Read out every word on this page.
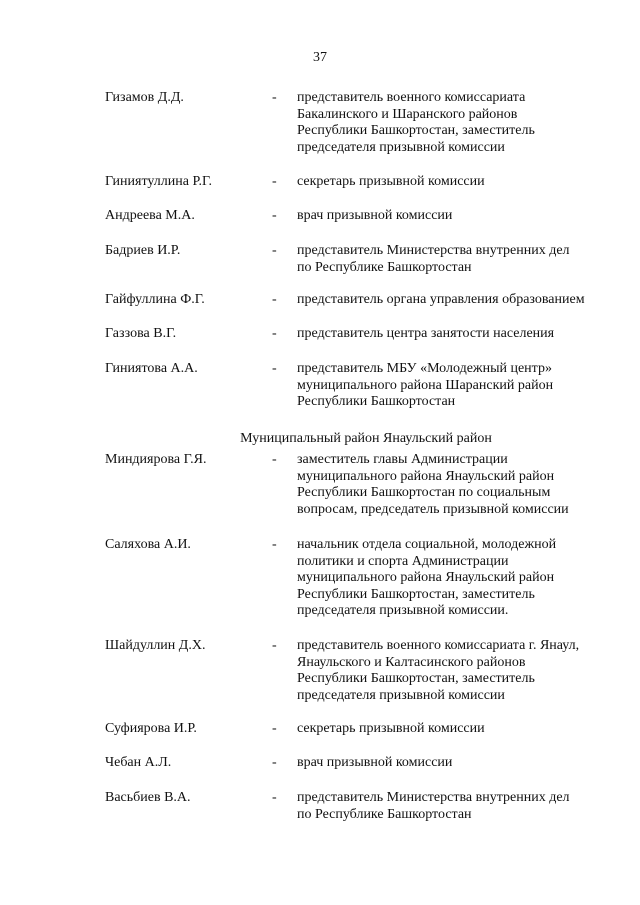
37
Гизамов Д.Д.	- представитель военного комиссариата
Бакалинского и Шаранского районов
Республики Башкортостан, заместитель
председателя призывной комиссии
Гиниятуллина Р.Г.	- секретарь призывной комиссии
Андреева М.А.	- врач призывной комиссии
Бадриев И.Р.	- представитель Министерства внутренних дел
по Республике Башкортостан
Гайфуллина Ф.Г.	- представитель органа управления образованием
Газзова В.Г.	- представитель центра занятости населения
Гиниятова А.А.	- представитель МБУ «Молодежный центр»
муниципального района Шаранский район
Республики Башкортостан
Муниципальный район Янаульский район
Миндиярова Г.Я.	- заместитель главы Администрации
муниципального района Янаульский район
Республики Башкортостан по социальным
вопросам, председатель призывной комиссии
Саляхова А.И.	- начальник отдела социальной, молодежной
политики и спорта Администрации
муниципального района Янаульский район
Республики Башкортостан, заместитель
председателя призывной комиссии.
Шайдуллин Д.Х.	- представитель военного комиссариата г. Янаул,
Янаульского и Калтасинского районов
Республики Башкортостан, заместитель
председателя призывной комиссии
Суфиярова И.Р.	- секретарь призывной комиссии
Чебан А.Л.	- врач призывной комиссии
Васьбиев В.А.	- представитель Министерства внутренних дел
по Республике Башкортостан
